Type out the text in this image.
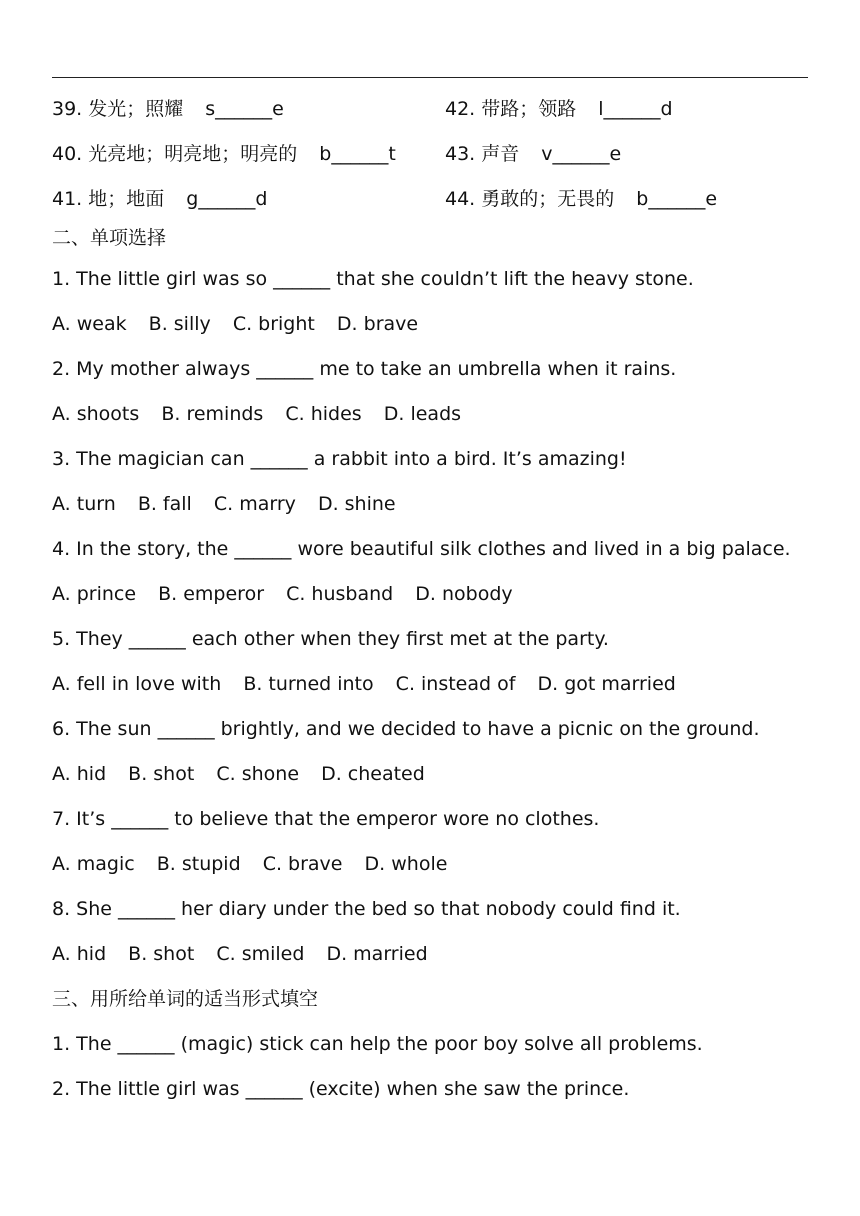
39. 发光；照耀 s______e	42. 带路；领路 l______d
40. 光亮地；明亮地；明亮的 b______t	43. 声音 v______e
41. 地；地面 g______d	44. 勇敢的；无畏的 b______e
二、单项选择
1. The little girl was so ______ that she couldn’t lift the heavy stone.
A. weak B. silly C. bright D. brave
2. My mother always ______ me to take an umbrella when it rains.
A. shoots B. reminds C. hides D. leads
3. The magician can ______ a rabbit into a bird. It’s amazing!
A. turn B. fall C. marry D. shine
4. In the story, the ______ wore beautiful silk clothes and lived in a big palace.
A. prince B. emperor C. husband D. nobody
5. They ______ each other when they first met at the party.
A. fell in love with B. turned into C. instead of D. got married
6. The sun ______ brightly, and we decided to have a picnic on the ground.
A. hid B. shot C. shone D. cheated
7. It’s ______ to believe that the emperor wore no clothes.
A. magic B. stupid C. brave D. whole
8. She ______ her diary under the bed so that nobody could find it.
A. hid B. shot C. smiled D. married
三、用所给单词的适当形式填空
1. The ______ (magic) stick can help the poor boy solve all problems.
2. The little girl was ______ (excite) when she saw the prince.
